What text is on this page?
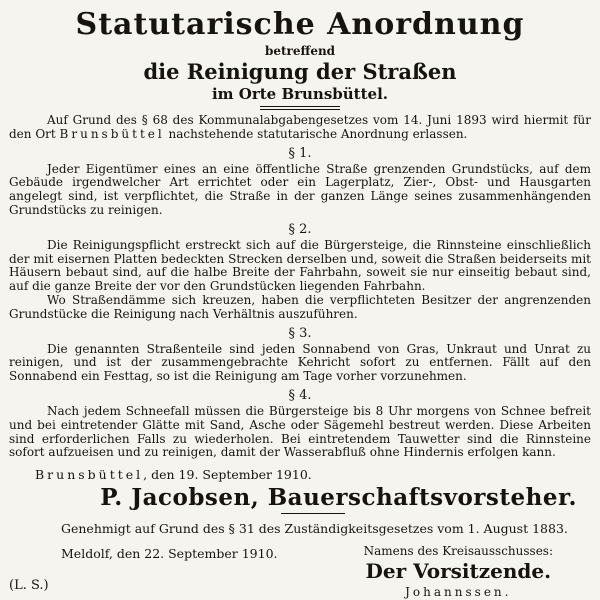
Statutarische Anordnung
betreffend
die Reinigung der Straßen
im Orte Brunsbüttel.

Auf Grund des § 68 des Kommunalabgabengesetzes vom 14. Juni 1893 wird hiermit für den Ort Brunsbüttel nachstehende statutarische Anordnung erlassen.

§ 1.

Jeder Eigentümer eines an eine öffentliche Straße grenzenden Grundstücks, auf dem Gebäude irgendwelcher Art errichtet oder ein Lagerplatz, Zier-, Obst- und Hausgarten angelegt sind, ist verpflichtet, die Straße in der ganzen Länge seines zusammenhängenden Grundstücks zu reinigen.

§ 2.

Die Reinigungspflicht erstreckt sich auf die Bürgersteige, die Rinnsteine einschließlich der mit eisernen Platten bedeckten Strecken derselben und, soweit die Straßen beiderseits mit Häusern bebaut sind, auf die halbe Breite der Fahrbahn, soweit sie nur einseitig bebaut sind, auf die ganze Breite der vor den Grundstücken liegenden Fahrbahn.

Wo Straßendämme sich kreuzen, haben die verpflichteten Besitzer der angrenzenden Grundstücke die Reinigung nach Verhältnis auszuführen.

§ 3.

Die genannten Straßenteile sind jeden Sonnabend von Gras, Unkraut und Unrat zu reinigen, und ist der zusammengebrachte Kehricht sofort zu entfernen. Fällt auf den Sonnabend ein Festtag, so ist die Reinigung am Tage vorher vorzunehmen.

§ 4.

Nach jedem Schneefall müssen die Bürgersteige bis 8 Uhr morgens von Schnee befreit und bei eintretender Glätte mit Sand, Asche oder Sägemehl bestreut werden. Diese Arbeiten sind erforderlichen Falls zu wiederholen. Bei eintretendem Tauwetter sind die Rinnsteine sofort aufzueisen und zu reinigen, damit der Wasserabfluß ohne Hindernis erfolgen kann.

Brunsbüttel, den 19. September 1910.

P. Jacobsen, Bauerschaftsvorsteher.

Genehmigt auf Grund des § 31 des Zuständigkeitsgesetzes vom 1. August 1883.

Meldolf, den 22. September 1910.	Namens des Kreisausschusses:
Der Vorsitzende.
Johannssen.
(L. S.)
